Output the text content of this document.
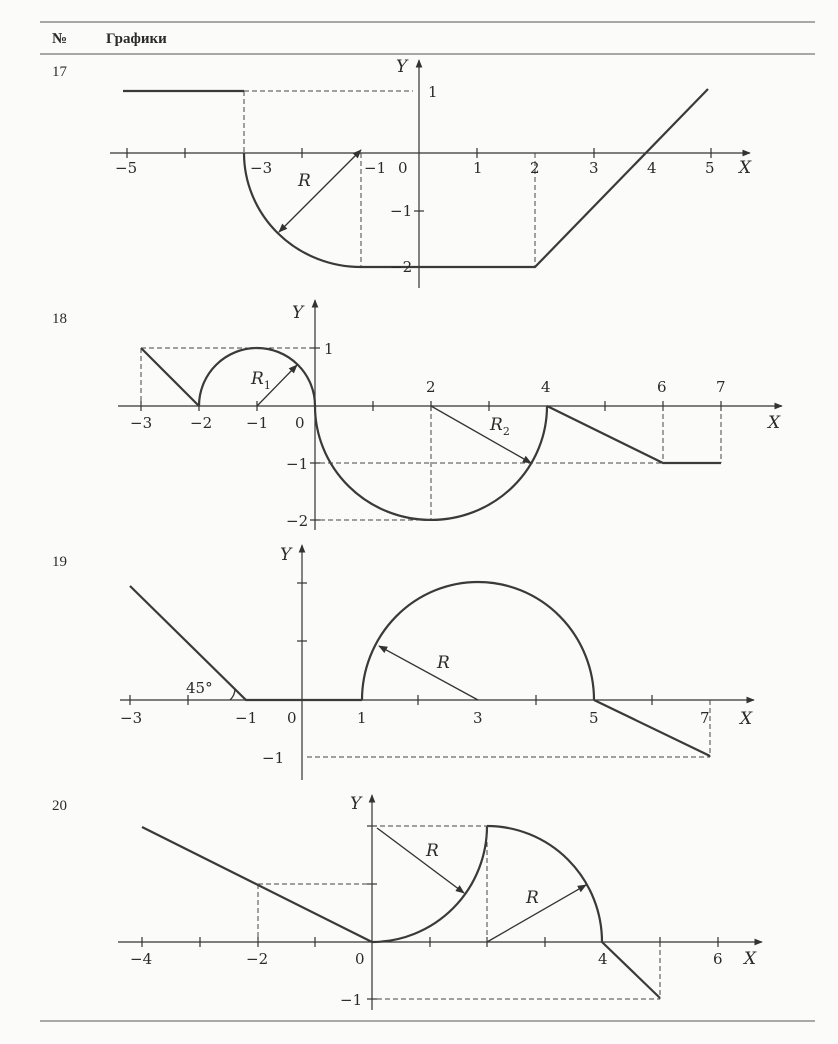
№	Графики
17
18
19
20
R
−5	−3	−1 0	1	2	3	4	5
1
−1
−2
X
Y
$R_1$
$R_2$
−3	−2 −1 0
2	4	6	7
1
−1
−2
X
Y
R
45°
−3	−1 0	1	3	5	7
−1
X
Y
R
R
−4	−2	0	4	6
−1
X
Y
